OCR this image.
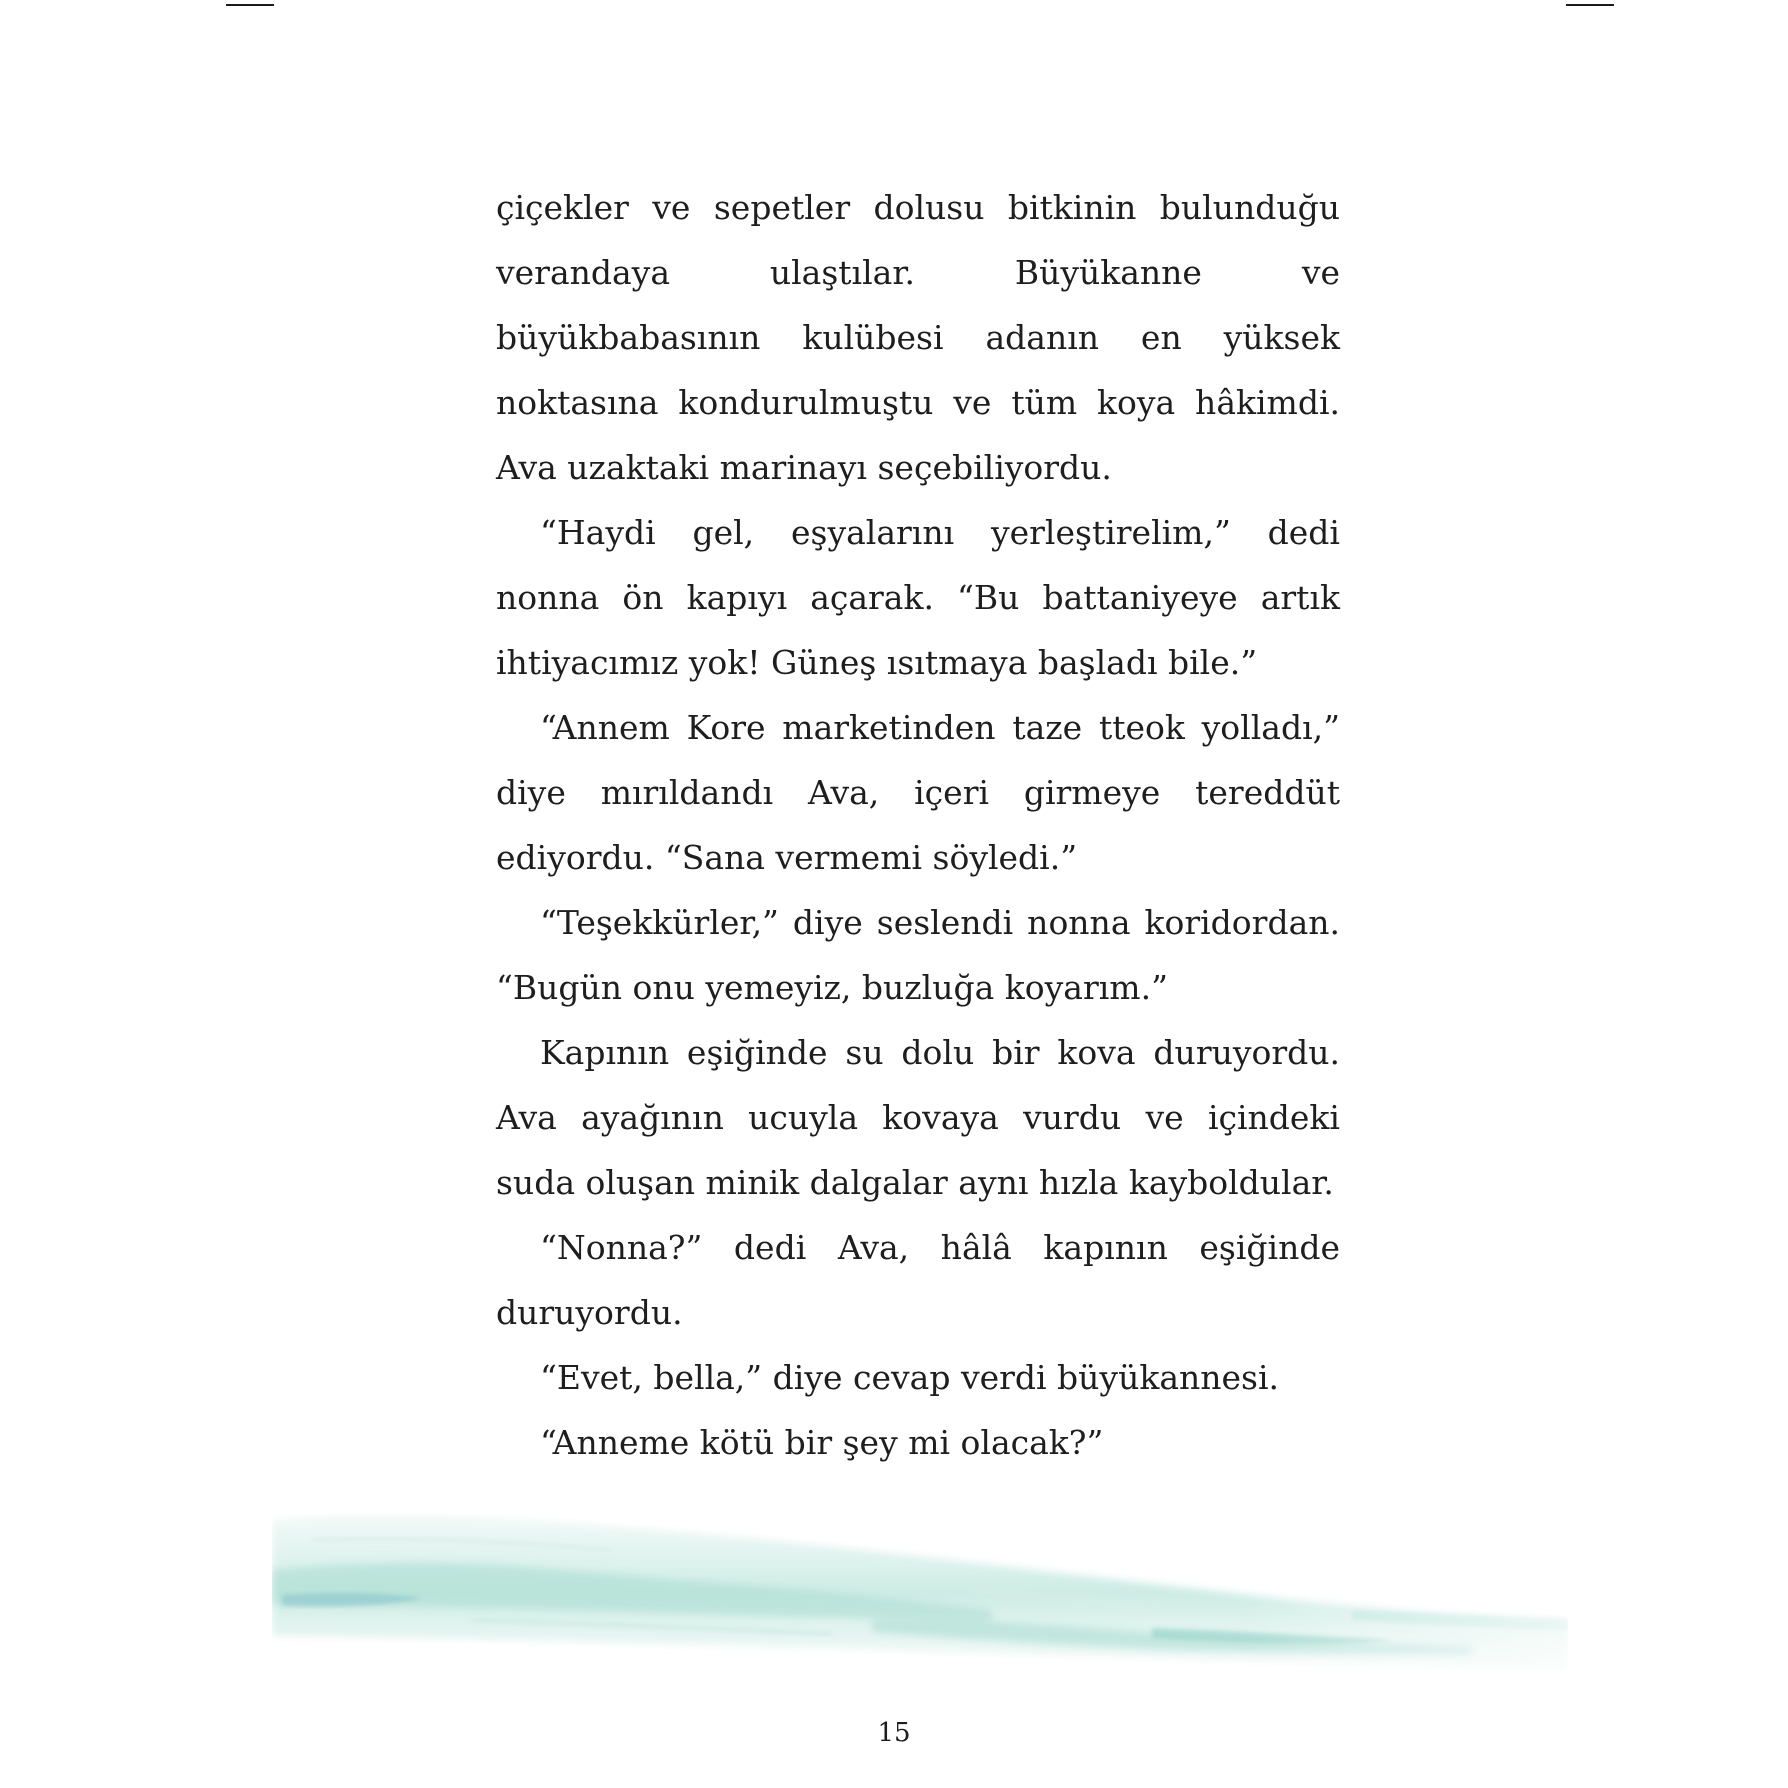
çiçekler ve sepetler dolusu bitkinin bulunduğu verandaya ulaştılar. Büyükanne ve büyükbabasının kulübesi adanın en yüksek noktasına kondurulmuştu ve tüm koya hâkimdi. Ava uzaktaki marinayı seçebiliyordu.

“Haydi gel, eşyalarını yerleştirelim,” dedi nonna ön kapıyı açarak. “Bu battaniyeye artık ihtiyacımız yok! Güneş ısıtmaya başladı bile.”

“Annem Kore marketinden taze tteok yolladı,” diye mırıldandı Ava, içeri girmeye tereddüt ediyordu. “Sana vermemi söyledi.”

“Teşekkürler,” diye seslendi nonna koridordan. “Bugün onu yemeyiz, buzluğa koyarım.”

Kapının eşiğinde su dolu bir kova duruyordu. Ava ayağının ucuyla kovaya vurdu ve içindeki suda oluşan minik dalgalar aynı hızla kayboldular.

“Nonna?” dedi Ava, hâlâ kapının eşiğinde duruyordu.

“Evet, bella,” diye cevap verdi büyükannesi.

“Anneme kötü bir şey mi olacak?”

15
